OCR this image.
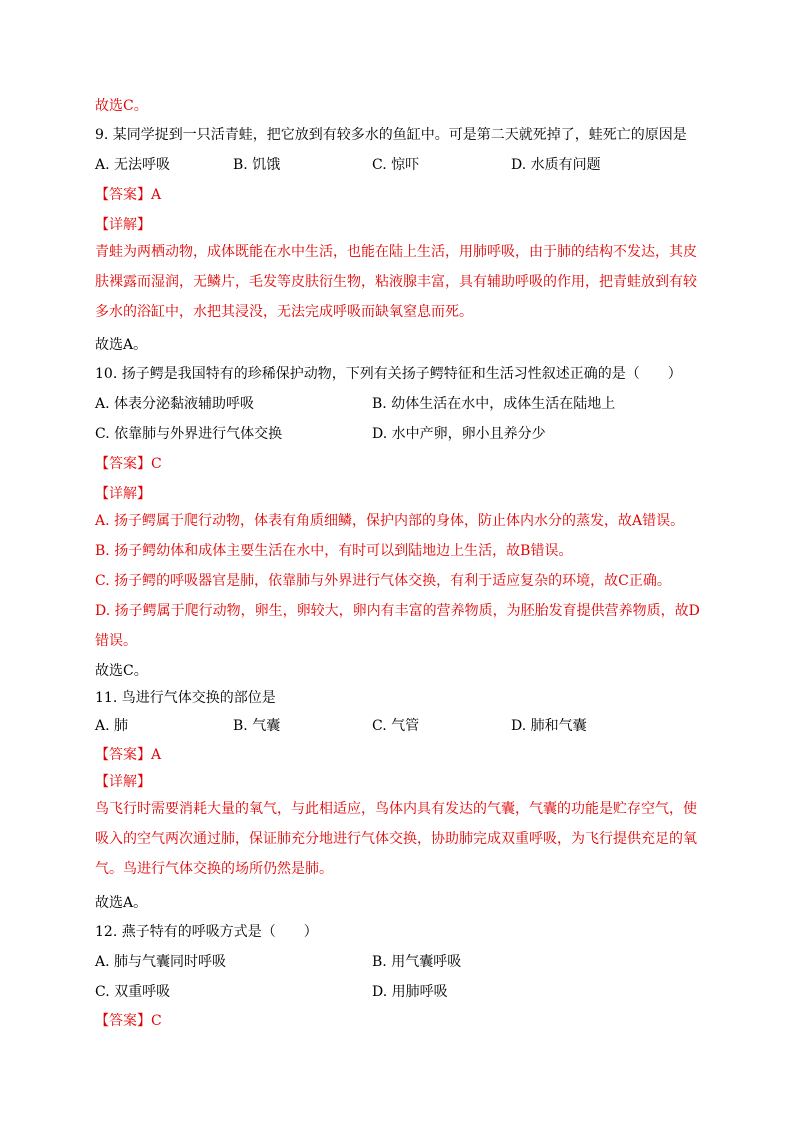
故选C。
9. 某同学捉到一只活青蛙，把它放到有较多水的鱼缸中。可是第二天就死掉了，蛙死亡的原因是
A. 无法呼吸	B. 饥饿	C. 惊吓	D. 水质有问题
【答案】A
【详解】
青蛙为两栖动物，成体既能在水中生活，也能在陆上生活，用肺呼吸，由于肺的结构不发达，其皮
肤裸露而湿润，无鳞片，毛发等皮肤衍生物，粘液腺丰富，具有辅助呼吸的作用，把青蛙放到有较
多水的浴缸中，水把其浸没，无法完成呼吸而缺氧窒息而死。
故选A。
10. 扬子鳄是我国特有的珍稀保护动物，下列有关扬子鳄特征和生活习性叙述正确的是（　　）
A. 体表分泌黏液辅助呼吸	B. 幼体生活在水中，成体生活在陆地上
C. 依靠肺与外界进行气体交换	D. 水中产卵，卵小且养分少
【答案】C
【详解】
A. 扬子鳄属于爬行动物，体表有角质细鳞，保护内部的身体，防止体内水分的蒸发，故A错误。
B. 扬子鳄幼体和成体主要生活在水中，有时可以到陆地边上生活，故B错误。
C. 扬子鳄的呼吸器官是肺，依靠肺与外界进行气体交换，有利于适应复杂的环境，故C正确。
D. 扬子鳄属于爬行动物，卵生，卵较大，卵内有丰富的营养物质，为胚胎发育提供营养物质，故D
错误。
故选C。
11. 鸟进行气体交换的部位是
A. 肺	B. 气囊	C. 气管	D. 肺和气囊
【答案】A
【详解】
鸟飞行时需要消耗大量的氧气，与此相适应，鸟体内具有发达的气囊，气囊的功能是贮存空气，使
吸入的空气两次通过肺，保证肺充分地进行气体交换，协助肺完成双重呼吸，为飞行提供充足的氧
气。鸟进行气体交换的场所仍然是肺。
故选A。
12. 燕子特有的呼吸方式是（　　）
A. 肺与气囊同时呼吸	B. 用气囊呼吸
C. 双重呼吸	D. 用肺呼吸
【答案】C
